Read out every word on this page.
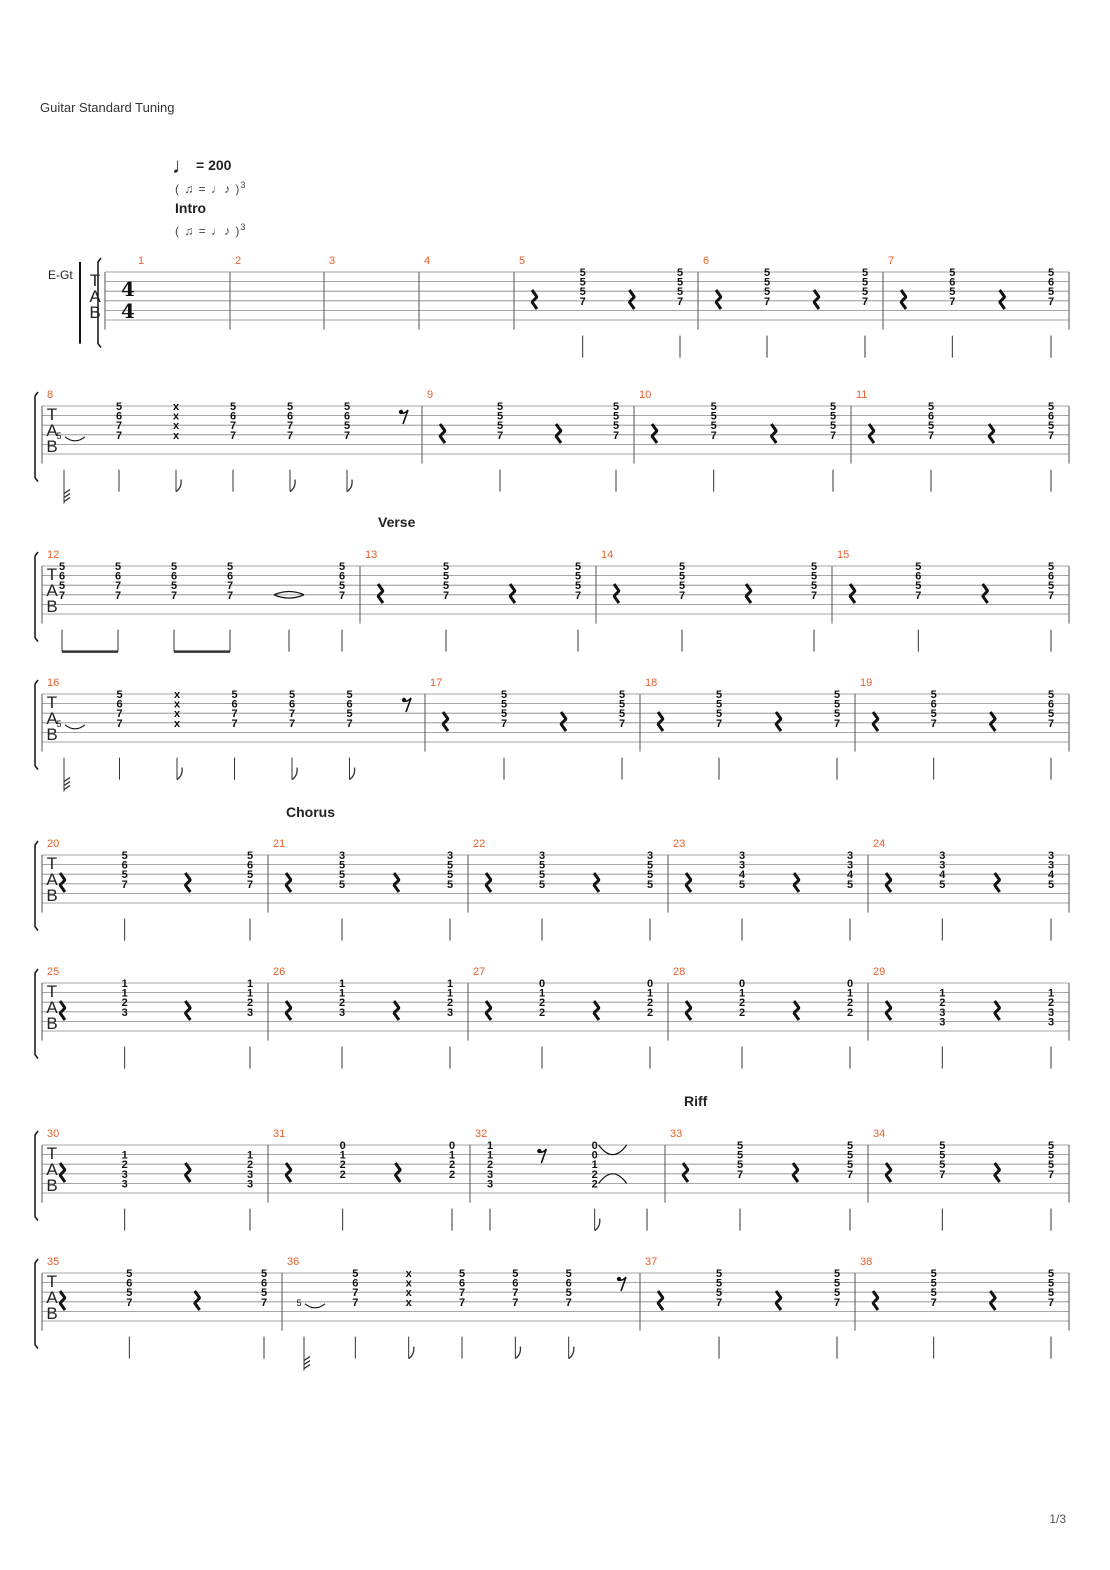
Guitar Standard Tuning
♩ = 200
( ♫ = ♩♪ )$^3$
Intro
( ♫ = ♩♪ )$^3$
Verse
Chorus
Riff
E-Gt
1/3
T
A
B
4
4
1	2	3	4	5
5
5
5
7
5
5
5
7
6
5
5
5
7
5
5
5
7
7
5
6
5
7
5
6
5
7
T
A
B
8
5
5
6
7
7
x
x
x
x
5
6
7
7
5
6
7
7
5
6
5
7
9
5
5
5
7
5
5
5
7
10
5
5
5
7
5
5
5
7
11
5
6
5
7
5
6
5
7
T
A
B
12
5
6
5
7
5
6
7
7
5
6
5
7
5
6
7
7
5
6
5
7
13
5
5
5
7
5
5
5
7
14
5
5
5
7
5
5
5
7
15
5
6
5
7
5
6
5
7
T
A
B
16
5
5
6
7
7
x
x
x
x
5
6
7
7
5
6
7
7
5
6
5
7
17
5
5
5
7
5
5
5
7
18
5
5
5
7
5
5
5
7
19
5
6
5
7
5
6
5
7
T
A
B
20
5
6
5
7
5
6
5
7
21
3
5
5
5
3
5
5
5
22
3
5
5
5
3
5
5
5
23
3
3
4
5
3
3
4
5
24
3
3
4
5
3
3
4
5
T
A
B
25
1
1
2
3
1
1
2
3
26
1
1
2
3
1
1
2
3
27
0
1
2
2
0
1
2
2
28
0
1
2
2
0
1
2
2
29
1
2
3
3
1
2
3
3
T
A
B
30
1
2
3
3
1
2
3
3
31
0
1
2
2
0
1
2
2
32
1
1
2
3
3
0
0
1
2
2
33
5
5
5
7
5
5
5
7
34
5
5
5
7
5
5
5
7
T
A
B
35
5
6
5
7
5
6
5
7
36
5
5
6
7
7
x
x
x
x
5
6
7
7
5
6
7
7
5
6
5
7
37
5
5
5
7
5
5
5
7
38
5
5
5
7
5
5
5
7
